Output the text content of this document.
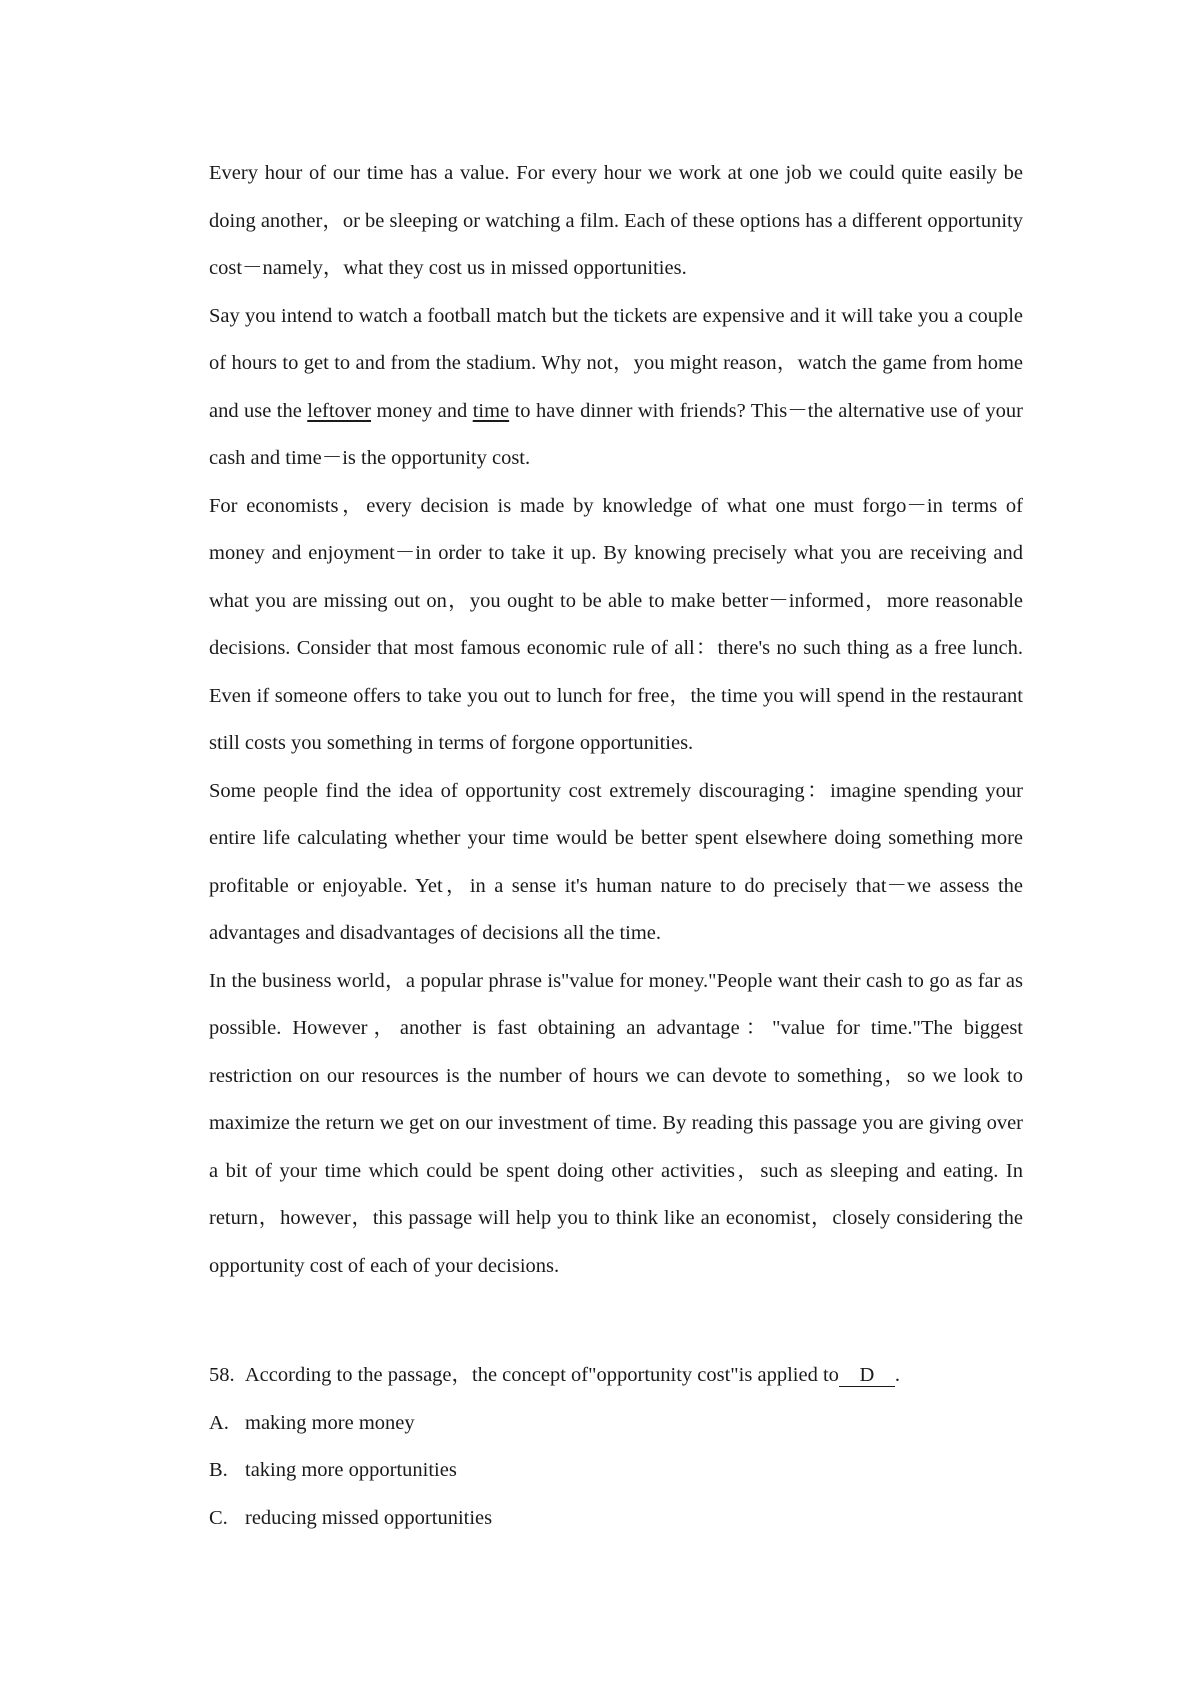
Every hour of our time has a value. For every hour we work at one job we could quite easily be doing another，or be sleeping or watching a film. Each of these options has a different opportunity cost－namely，what they cost us in missed opportunities.

Say you intend to watch a football match but the tickets are expensive and it will take you a couple of hours to get to and from the stadium. Why not，you might reason，watch the game from home and use the leftover money and time to have dinner with friends? This－the alternative use of your cash and time－is the opportunity cost.

For economists，every decision is made by knowledge of what one must forgo－in terms of money and enjoyment－in order to take it up. By knowing precisely what you are receiving and what you are missing out on，you ought to be able to make better－informed，more reasonable decisions. Consider that most famous economic rule of all：there's no such thing as a free lunch. Even if someone offers to take you out to lunch for free，the time you will spend in the restaurant still costs you something in terms of forgone opportunities.

Some people find the idea of opportunity cost extremely discouraging：imagine spending your entire life calculating whether your time would be better spent elsewhere doing something more profitable or enjoyable. Yet，in a sense it's human nature to do precisely that－we assess the advantages and disadvantages of decisions all the time.

In the business world，a popular phrase is"value for money."People want their cash to go as far as possible. However，another is fast obtaining an advantage："value for time."The biggest restriction on our resources is the number of hours we can devote to something，so we look to maximize the return we get on our investment of time. By reading this passage you are giving over a bit of your time which could be spent doing other activities，such as sleeping and eating. In return，however，this passage will help you to think like an economist，closely considering the opportunity cost of each of your decisions.

58. According to the passage，the concept of"opportunity cost"is applied to D .

A. making more money

B. taking more opportunities

C. reducing missed opportunities
